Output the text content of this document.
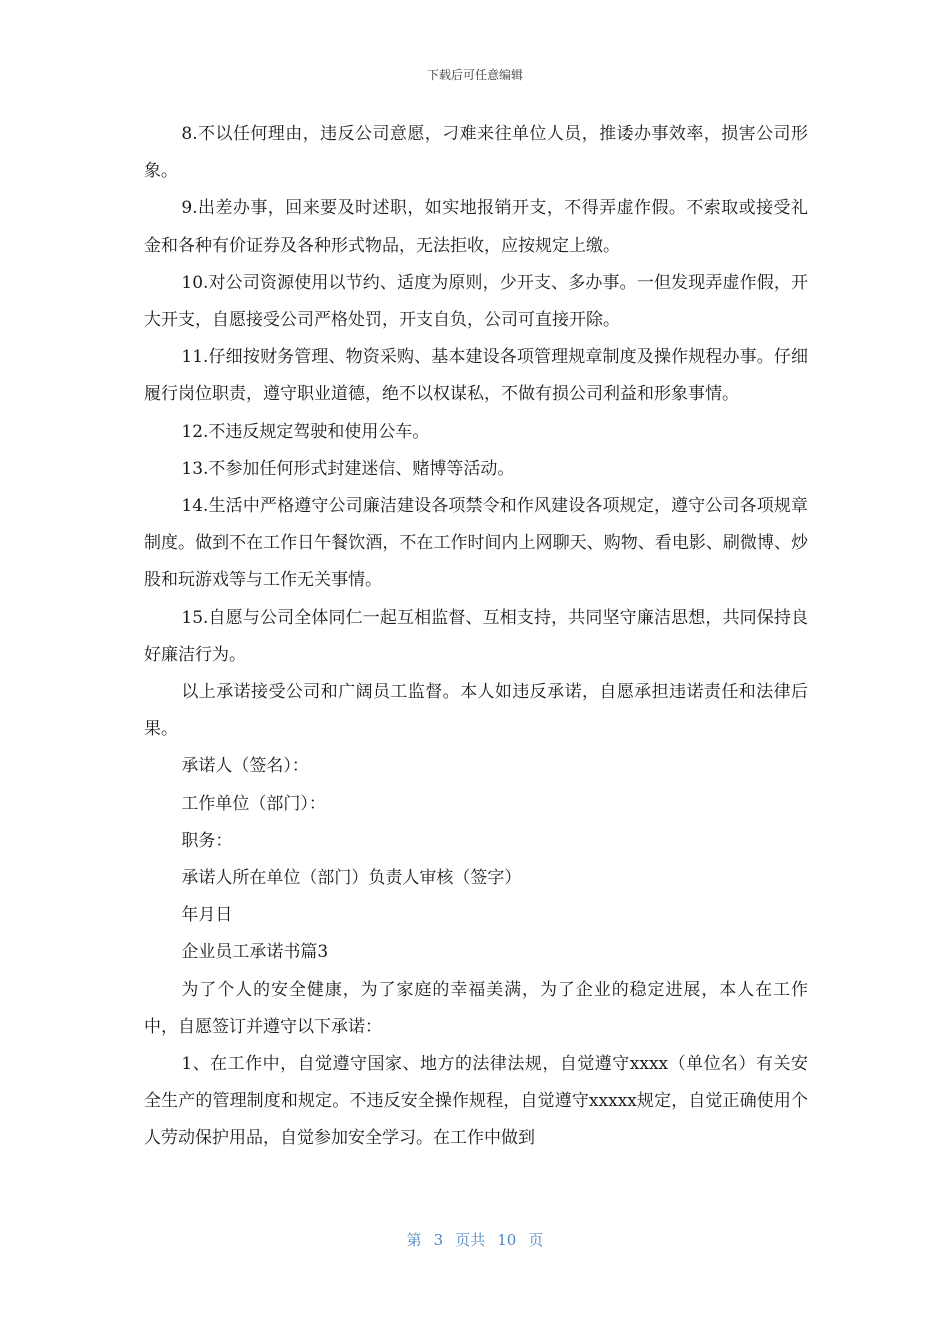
下载后可任意编辑

8.不以任何理由，违反公司意愿，刁难来往单位人员，推诿办事效率，损害公司形象。

9.出差办事，回来要及时述职，如实地报销开支，不得弄虚作假。不索取或接受礼金和各种有价证券及各种形式物品，无法拒收，应按规定上缴。

10.对公司资源使用以节约、适度为原则，少开支、多办事。一但发现弄虚作假，开大开支，自愿接受公司严格处罚，开支自负，公司可直接开除。

11.仔细按财务管理、物资采购、基本建设各项管理规章制度及操作规程办事。仔细履行岗位职责，遵守职业道德，绝不以权谋私，不做有损公司利益和形象事情。

12.不违反规定驾驶和使用公车。

13.不参加任何形式封建迷信、赌博等活动。

14.生活中严格遵守公司廉洁建设各项禁令和作风建设各项规定，遵守公司各项规章制度。做到不在工作日午餐饮酒，不在工作时间内上网聊天、购物、看电影、刷微博、炒股和玩游戏等与工作无关事情。

15.自愿与公司全体同仁一起互相监督、互相支持，共同坚守廉洁思想，共同保持良好廉洁行为。

以上承诺接受公司和广阔员工监督。本人如违反承诺，自愿承担违诺责任和法律后果。

承诺人（签名）：

工作单位（部门）：

职务：

承诺人所在单位（部门）负责人审核（签字）

年月日

企业员工承诺书篇3

为了个人的安全健康，为了家庭的幸福美满，为了企业的稳定进展，本人在工作中，自愿签订并遵守以下承诺：

1、在工作中，自觉遵守国家、地方的法律法规，自觉遵守xxxx（单位名）有关安全生产的管理制度和规定。不违反安全操作规程，自觉遵守xxxxx规定，自觉正确使用个人劳动保护用品，自觉参加安全学习。在工作中做到

第 3 页共 10 页
